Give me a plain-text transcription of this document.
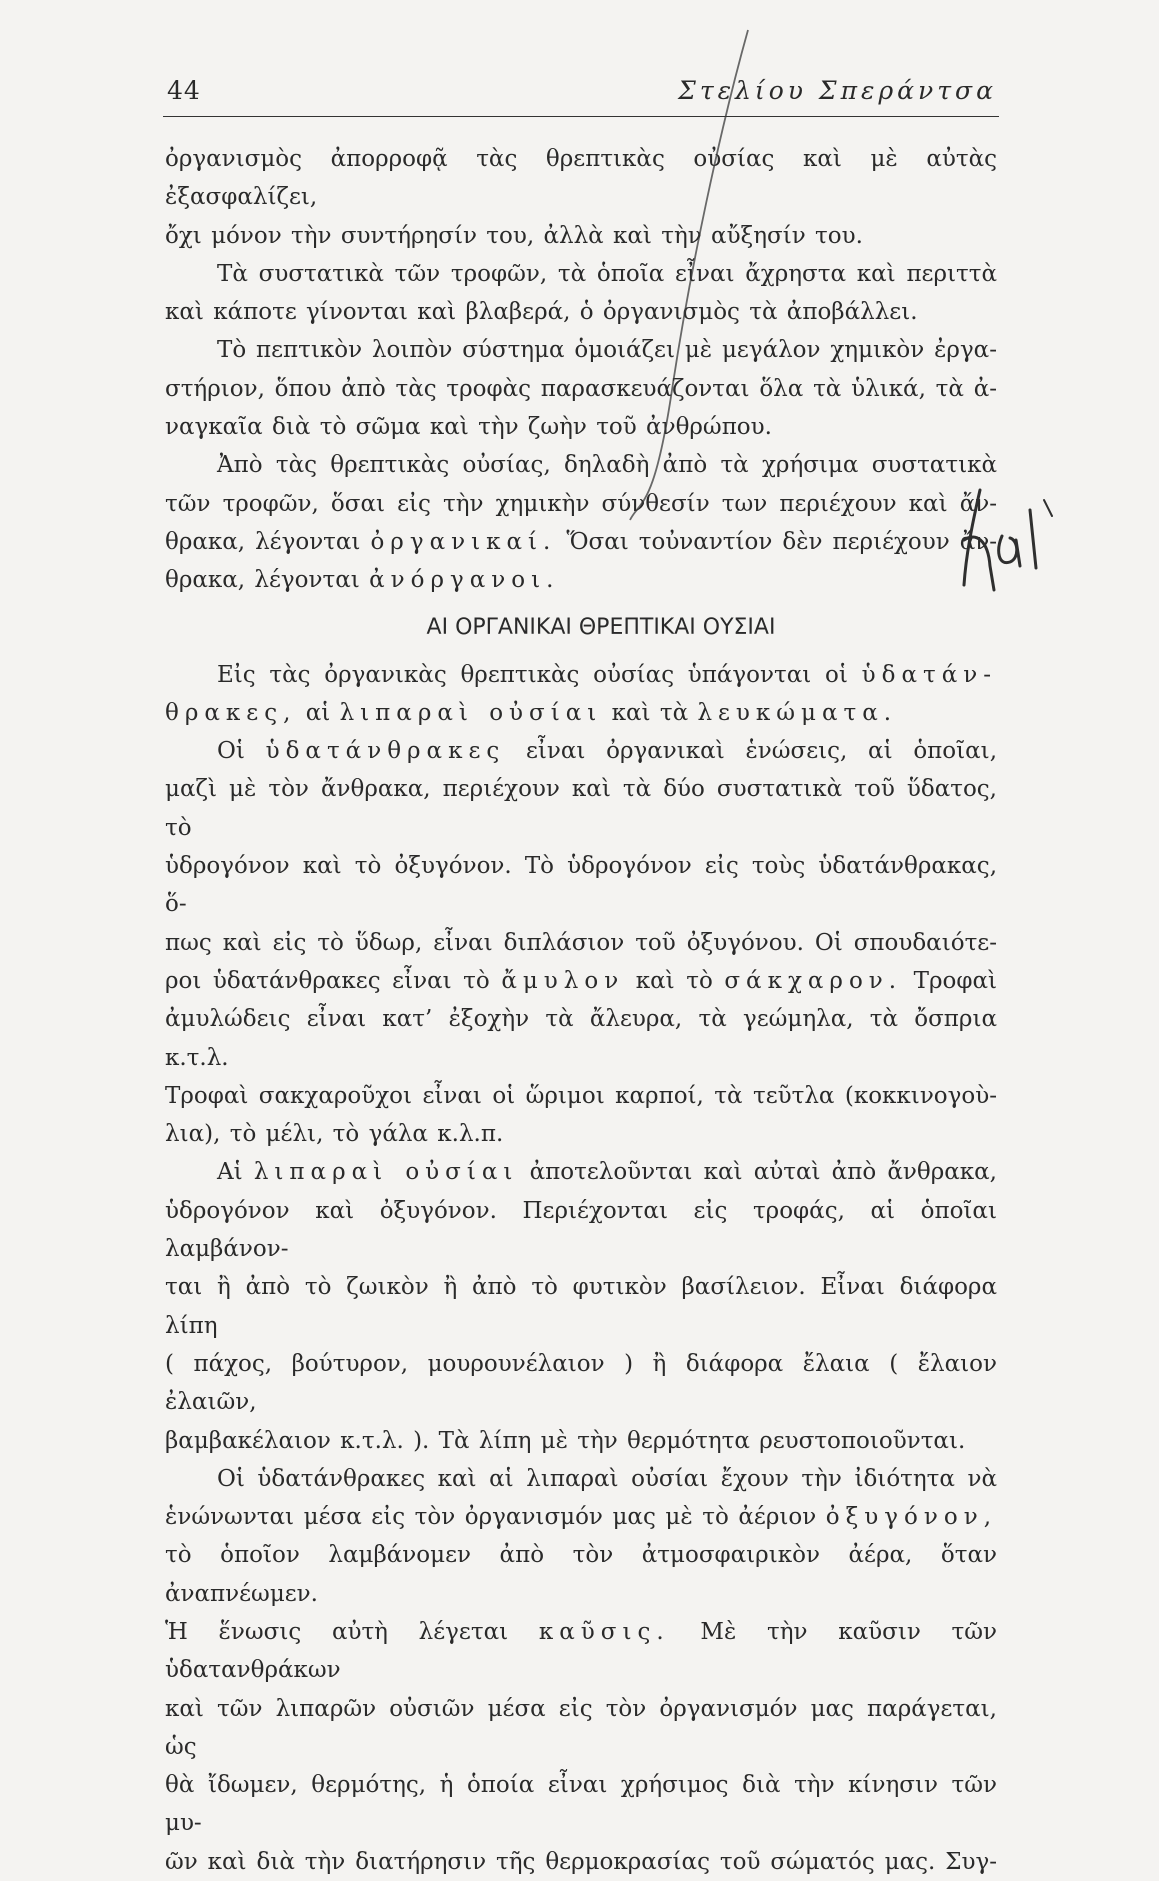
44	Στελίου Σπεράντσα

ὀργανισμὸς ἀπορροφᾷ τὰς θρεπτικὰς οὐσίας καὶ μὲ αὐτὰς ἐξασφαλίζει,

ὄχι μόνον τὴν συντήρησίν του, ἀλλὰ καὶ τὴν αὔξησίν του.

Τὰ συστατικὰ τῶν τροφῶν, τὰ ὁποῖα εἶναι ἄχρηστα καὶ περιττὰ

καὶ κάποτε γίνονται καὶ βλαβερά, ὁ ὀργανισμὸς τὰ ἀποβάλλει.

Τὸ πεπτικὸν λοιπὸν σύστημα ὁμοιάζει μὲ μεγάλον χημικὸν ἐργα-

στήριον, ὅπου ἀπὸ τὰς τροφὰς παρασκευάζονται ὅλα τὰ ὑλικά, τὰ ἀ-

ναγκαῖα διὰ τὸ σῶμα καὶ τὴν ζωὴν τοῦ ἀνθρώπου.

Ἀπὸ τὰς θρεπτικὰς οὐσίας, δηλαδὴ ἀπὸ τὰ χρήσιμα συστατικὰ

τῶν τροφῶν, ὅσαι εἰς τὴν χημικὴν σύνθεσίν των περιέχουν καὶ ἄν-

θρακα, λέγονται ὀργανικαί. Ὅσαι τοὐναντίον δὲν περιέχουν ἄν-

θρακα, λέγονται ἀνόργανοι.

ΑΙ ΟΡΓΑΝΙΚΑΙ ΘΡΕΠΤΙΚΑΙ ΟΥΣΙΑΙ

Εἰς τὰς ὀργανικὰς θρεπτικὰς οὐσίας ὑπάγονται οἱ ὑδατάν-

θρακες, αἱ λιπαραὶ οὐσίαι καὶ τὰ λευκώματα.

Οἱ ὑδατάνθρακες εἶναι ὀργανικαὶ ἑνώσεις, αἱ ὁποῖαι,

μαζὶ μὲ τὸν ἄνθρακα, περιέχουν καὶ τὰ δύο συστατικὰ τοῦ ὕδατος, τὸ

ὑδρογόνον καὶ τὸ ὀξυγόνον. Τὸ ὑδρογόνον εἰς τοὺς ὑδατάνθρακας, ὅ-

πως καὶ εἰς τὸ ὕδωρ, εἶναι διπλάσιον τοῦ ὀξυγόνου. Οἱ σπουδαιότε-

ροι ὑδατάνθρακες εἶναι τὸ ἄμυλον καὶ τὸ σάκχαρον. Τροφαὶ

ἀμυλώδεις εἶναι κατ’ ἐξοχὴν τὰ ἄλευρα, τὰ γεώμηλα, τὰ ὄσπρια κ.τ.λ.

Τροφαὶ σακχαροῦχοι εἶναι οἱ ὥριμοι καρποί, τὰ τεῦτλα (κοκκινογοὺ-

λια), τὸ μέλι, τὸ γάλα κ.λ.π.

Αἱ λιπαραὶ οὐσίαι ἀποτελοῦνται καὶ αὐταὶ ἀπὸ ἄνθρακα,

ὑδρογόνον καὶ ὀξυγόνον. Περιέχονται εἰς τροφάς, αἱ ὁποῖαι λαμβάνον-

ται ἢ ἀπὸ τὸ ζωικὸν ἢ ἀπὸ τὸ φυτικὸν βασίλειον. Εἶναι διάφορα λίπη

( πάχος, βούτυρον, μουρουνέλαιον ) ἢ διάφορα ἔλαια ( ἔλαιον ἐλαιῶν,

βαμβακέλαιον κ.τ.λ. ). Τὰ λίπη μὲ τὴν θερμότητα ρευστοποιοῦνται.

Οἱ ὑδατάνθρακες καὶ αἱ λιπαραὶ οὐσίαι ἔχουν τὴν ἰδιότητα νὰ

ἑνώνωνται μέσα εἰς τὸν ὀργανισμόν μας μὲ τὸ ἀέριον ὀξυγόνον,

τὸ ὁποῖον λαμβάνομεν ἀπὸ τὸν ἀτμοσφαιρικὸν ἀέρα, ὅταν ἀναπνέωμεν.

Ἡ ἕνωσις αὐτὴ λέγεται καῦσις. Μὲ τὴν καῦσιν τῶν ὑδατανθράκων

καὶ τῶν λιπαρῶν οὐσιῶν μέσα εἰς τὸν ὀργανισμόν μας παράγεται, ὡς

θὰ ἴδωμεν, θερμότης, ἡ ὁποία εἶναι χρήσιμος διὰ τὴν κίνησιν τῶν μυ-

ῶν καὶ διὰ τὴν διατήρησιν τῆς θερμοκρασίας τοῦ σώματός μας. Συγ-
